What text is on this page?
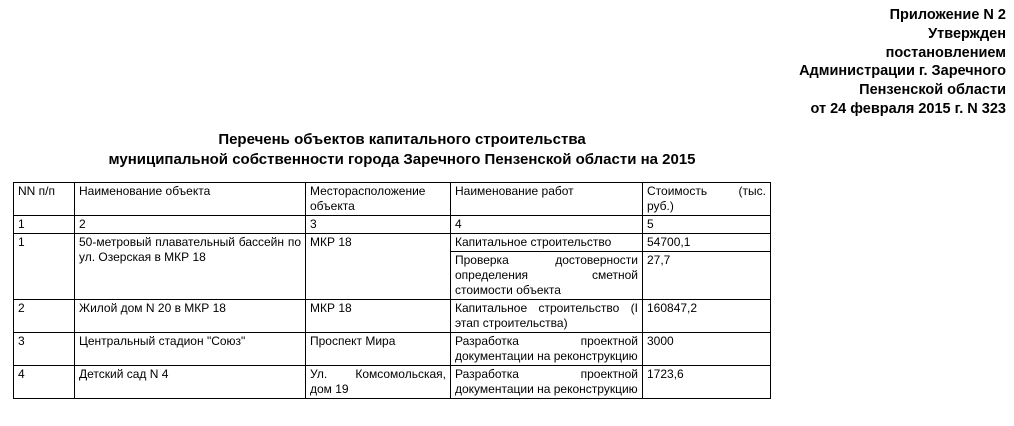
Приложение N 2
Утвержден
постановлением
Администрации г. Заречного
Пензенской области
от 24 февраля 2015 г. N 323
Перечень объектов капитального строительства
муниципальной собственности города Заречного Пензенской области на 2015
NN п/п	Наименование объекта	Месторасположение объекта	Наименование работ	Стоимость (тыс. руб.)
1	2	3	4	5
1	50-метровый плавательный бассейн по ул. Озерская в МКР 18	МКР 18	Капитальное строительство	54700,1
			Проверка достоверности определения сметной стоимости объекта	27,7
2	Жилой дом N 20 в МКР 18	МКР 18	Капитальное строительство (I этап строительства)	160847,2
3	Центральный стадион "Союз"	Проспект Мира	Разработка проектной документации на реконструкцию	3000
4	Детский сад N 4	Ул. Комсомольская, дом 19	Разработка проектной документации на реконструкцию	1723,6
